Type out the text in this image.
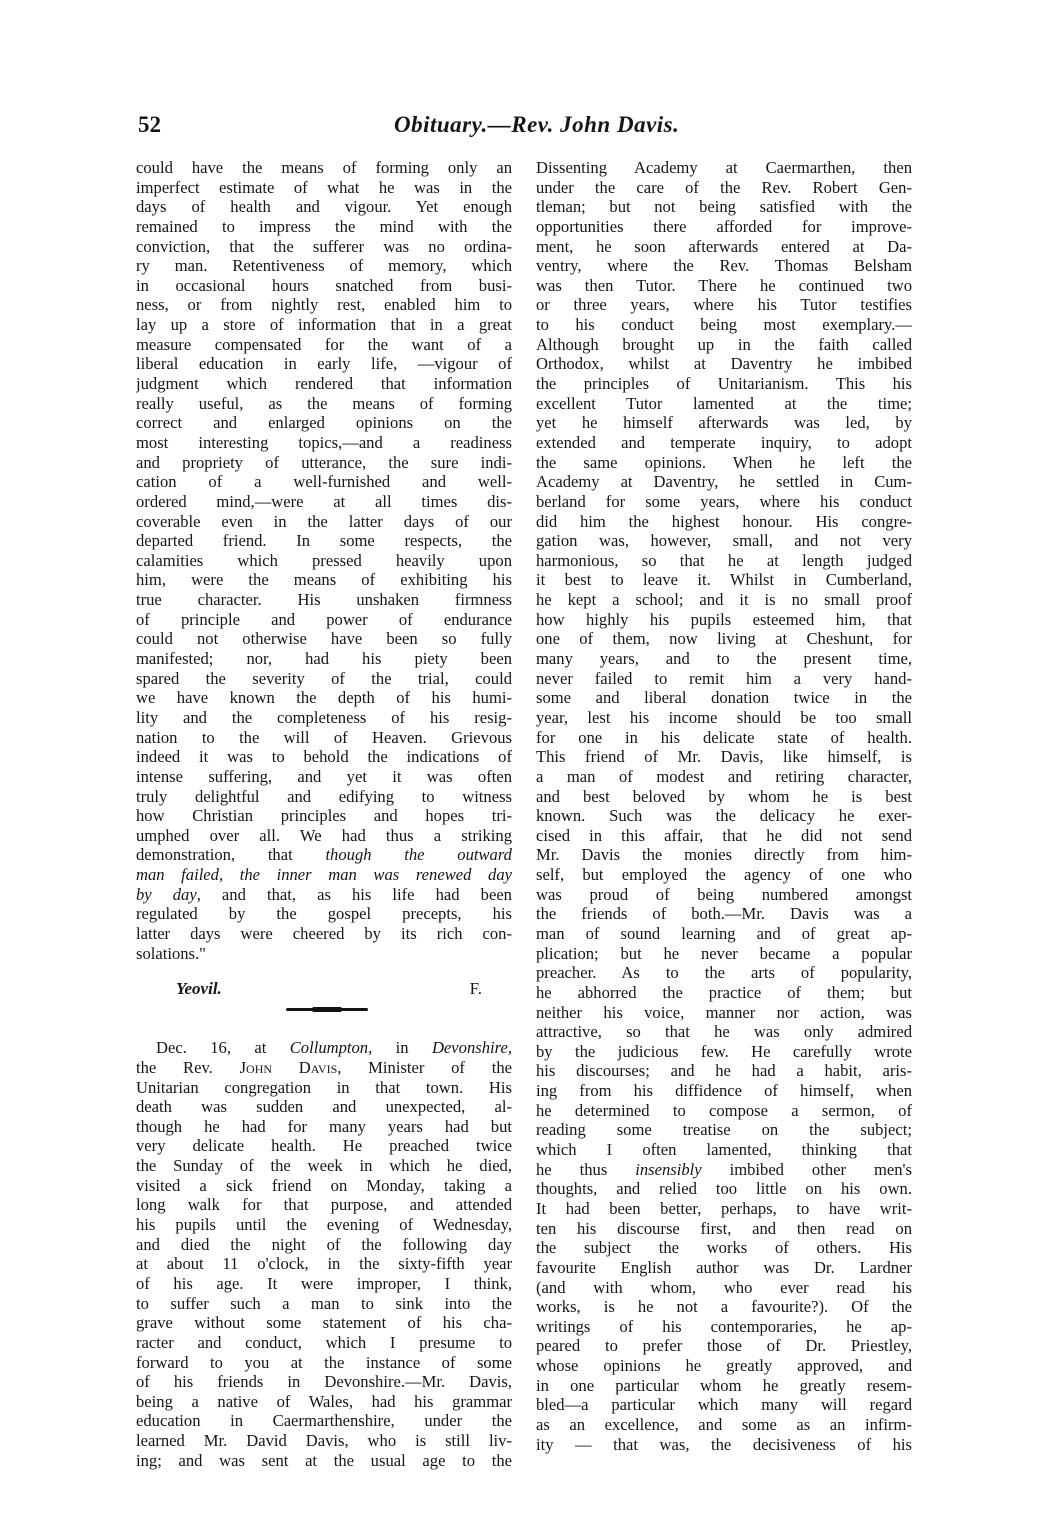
52	Obituary.—Rev. John Davis.
could have the means of forming only an
imperfect estimate of what he was in the
days of health and vigour. Yet enough
remained to impress the mind with the
conviction, that the sufferer was no ordina-
ry man. Retentiveness of memory, which
in occasional hours snatched from busi-
ness, or from nightly rest, enabled him to
lay up a store of information that in a great
measure compensated for the want of a
liberal education in early life, —vigour of
judgment which rendered that information
really useful, as the means of forming
correct and enlarged opinions on the
most interesting topics,—and a readiness
and propriety of utterance, the sure indi-
cation of a well-furnished and well-
ordered mind,—were at all times dis-
coverable even in the latter days of our
departed friend. In some respects, the
calamities which pressed heavily upon
him, were the means of exhibiting his
true character. His unshaken firmness
of principle and power of endurance
could not otherwise have been so fully
manifested; nor, had his piety been
spared the severity of the trial, could
we have known the depth of his humi-
lity and the completeness of his resig-
nation to the will of Heaven. Grievous
indeed it was to behold the indications of
intense suffering, and yet it was often
truly delightful and edifying to witness
how Christian principles and hopes tri-
umphed over all. We had thus a striking
demonstration, that though the outward
man failed, the inner man was renewed day
by day, and that, as his life had been
regulated by the gospel precepts, his
latter days were cheered by its rich con-
solations."
Yeovil.	F.
Dec. 16, at Collumpton, in Devonshire,
the Rev. John Davis, Minister of the
Unitarian congregation in that town. His
death was sudden and unexpected, al-
though he had for many years had but
very delicate health. He preached twice
the Sunday of the week in which he died,
visited a sick friend on Monday, taking a
long walk for that purpose, and attended
his pupils until the evening of Wednesday,
and died the night of the following day
at about 11 o'clock, in the sixty-fifth year
of his age. It were improper, I think,
to suffer such a man to sink into the
grave without some statement of his cha-
racter and conduct, which I presume to
forward to you at the instance of some
of his friends in Devonshire.—Mr. Davis,
being a native of Wales, had his grammar
education in Caermarthenshire, under the
learned Mr. David Davis, who is still liv-
ing; and was sent at the usual age to the
Dissenting Academy at Caermarthen, then
under the care of the Rev. Robert Gen-
tleman; but not being satisfied with the
opportunities there afforded for improve-
ment, he soon afterwards entered at Da-
ventry, where the Rev. Thomas Belsham
was then Tutor. There he continued two
or three years, where his Tutor testifies
to his conduct being most exemplary.—
Although brought up in the faith called
Orthodox, whilst at Daventry he imbibed
the principles of Unitarianism. This his
excellent Tutor lamented at the time;
yet he himself afterwards was led, by
extended and temperate inquiry, to adopt
the same opinions. When he left the
Academy at Daventry, he settled in Cum-
berland for some years, where his conduct
did him the highest honour. His congre-
gation was, however, small, and not very
harmonious, so that he at length judged
it best to leave it. Whilst in Cumberland,
he kept a school; and it is no small proof
how highly his pupils esteemed him, that
one of them, now living at Cheshunt, for
many years, and to the present time,
never failed to remit him a very hand-
some and liberal donation twice in the
year, lest his income should be too small
for one in his delicate state of health.
This friend of Mr. Davis, like himself, is
a man of modest and retiring character,
and best beloved by whom he is best
known. Such was the delicacy he exer-
cised in this affair, that he did not send
Mr. Davis the monies directly from him-
self, but employed the agency of one who
was proud of being numbered amongst
the friends of both.—Mr. Davis was a
man of sound learning and of great ap-
plication; but he never became a popular
preacher. As to the arts of popularity,
he abhorred the practice of them; but
neither his voice, manner nor action, was
attractive, so that he was only admired
by the judicious few. He carefully wrote
his discourses; and he had a habit, aris-
ing from his diffidence of himself, when
he determined to compose a sermon, of
reading some treatise on the subject;
which I often lamented, thinking that
he thus insensibly imbibed other men's
thoughts, and relied too little on his own.
It had been better, perhaps, to have writ-
ten his discourse first, and then read on
the subject the works of others. His
favourite English author was Dr. Lardner
(and with whom, who ever read his
works, is he not a favourite?). Of the
writings of his contemporaries, he ap-
peared to prefer those of Dr. Priestley,
whose opinions he greatly approved, and
in one particular whom he greatly resem-
bled—a particular which many will regard
as an excellence, and some as an infirm-
ity — that was, the decisiveness of his
